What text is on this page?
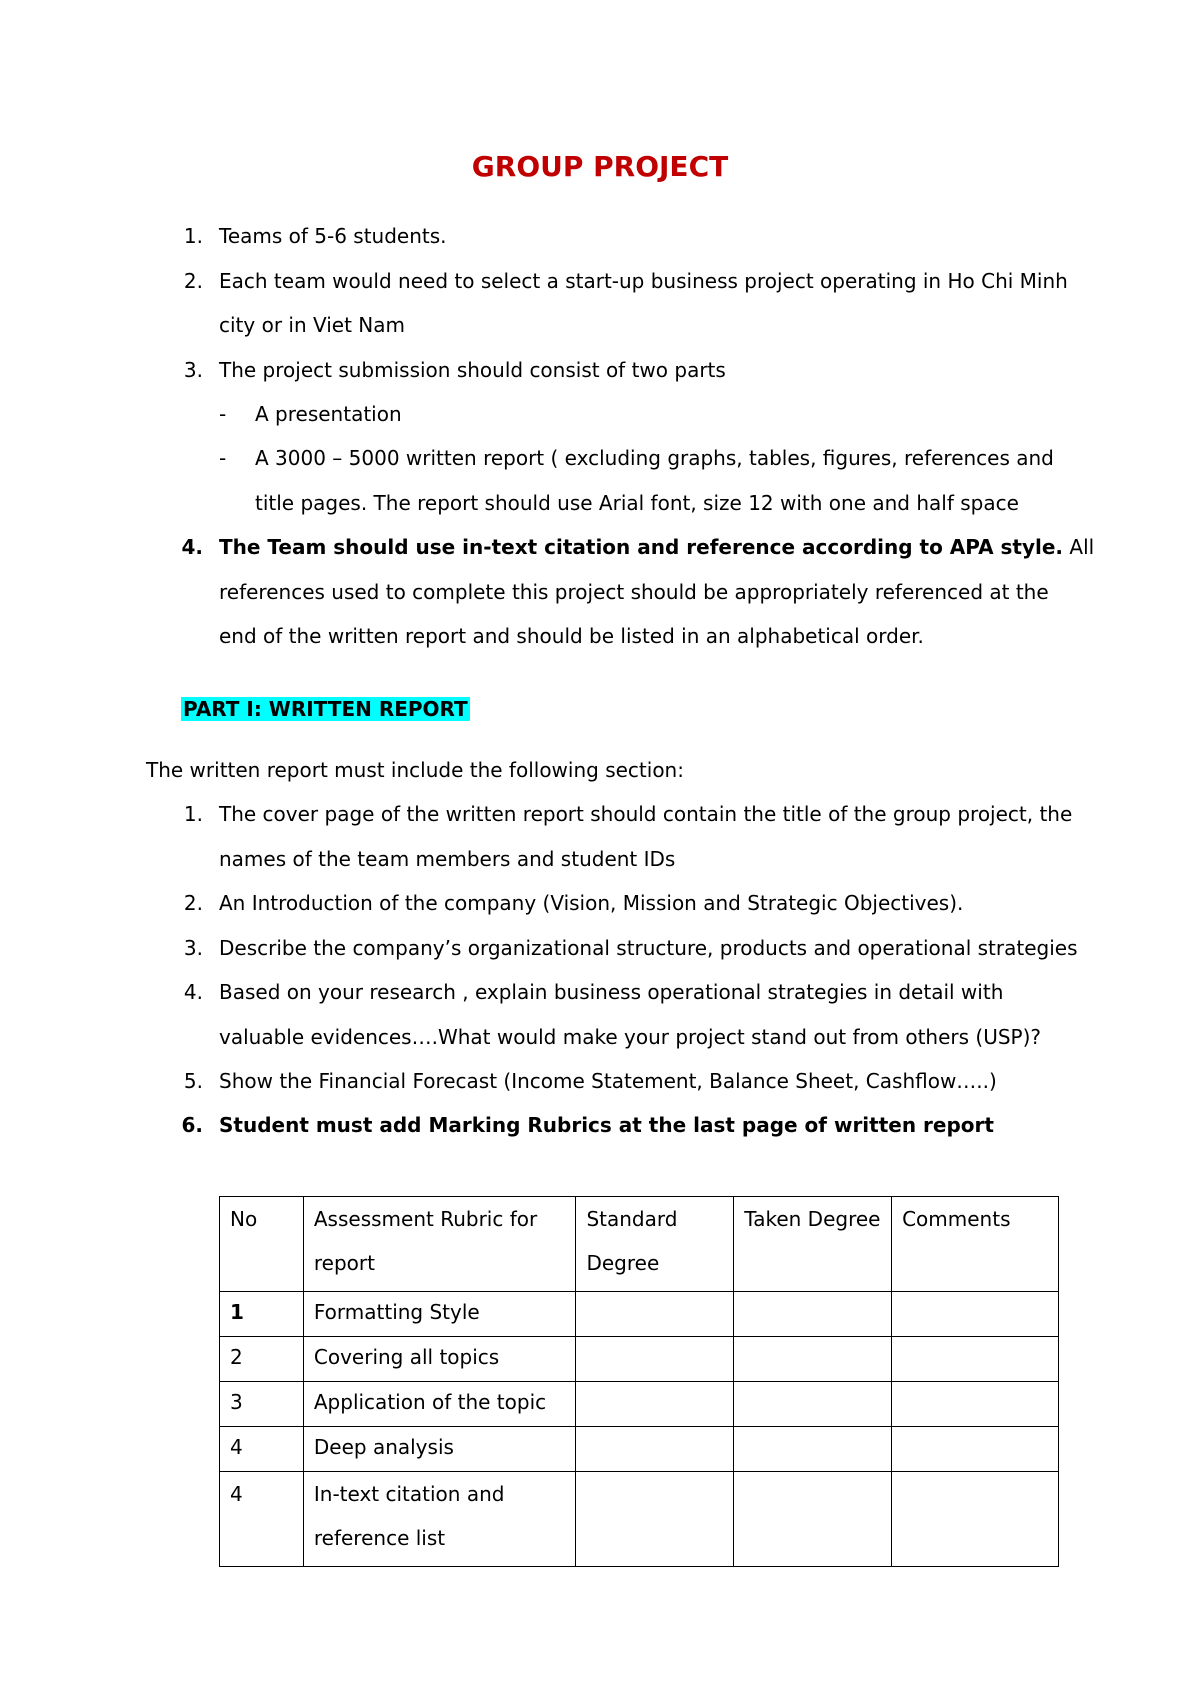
GROUP PROJECT
1. Teams of 5-6 students.
2. Each team would need to select a start-up business project operating in Ho Chi Minh
city or in Viet Nam
3. The project submission should consist of two parts
- A presentation
- A 3000 – 5000 written report ( excluding graphs, tables, figures, references and
title pages. The report should use Arial font, size 12 with one and half space
4. The Team should use in-text citation and reference according to APA style. All
references used to complete this project should be appropriately referenced at the
end of the written report and should be listed in an alphabetical order.
PART I: WRITTEN REPORT
The written report must include the following section:
1. The cover page of the written report should contain the title of the group project, the
names of the team members and student IDs
2. An Introduction of the company (Vision, Mission and Strategic Objectives).
3. Describe the company’s organizational structure, products and operational strategies
4. Based on your research , explain business operational strategies in detail with
valuable evidences….What would make your project stand out from others (USP)?
5. Show the Financial Forecast (Income Statement, Balance Sheet, Cashflow…..)
6. Student must add Marking Rubrics at the last page of written report
No	Assessment Rubric for report	Standard Degree	Taken Degree	Comments
1	Formatting Style			
2	Covering all topics			
3	Application of the topic			
4	Deep analysis			
4	In-text citation and reference list			
